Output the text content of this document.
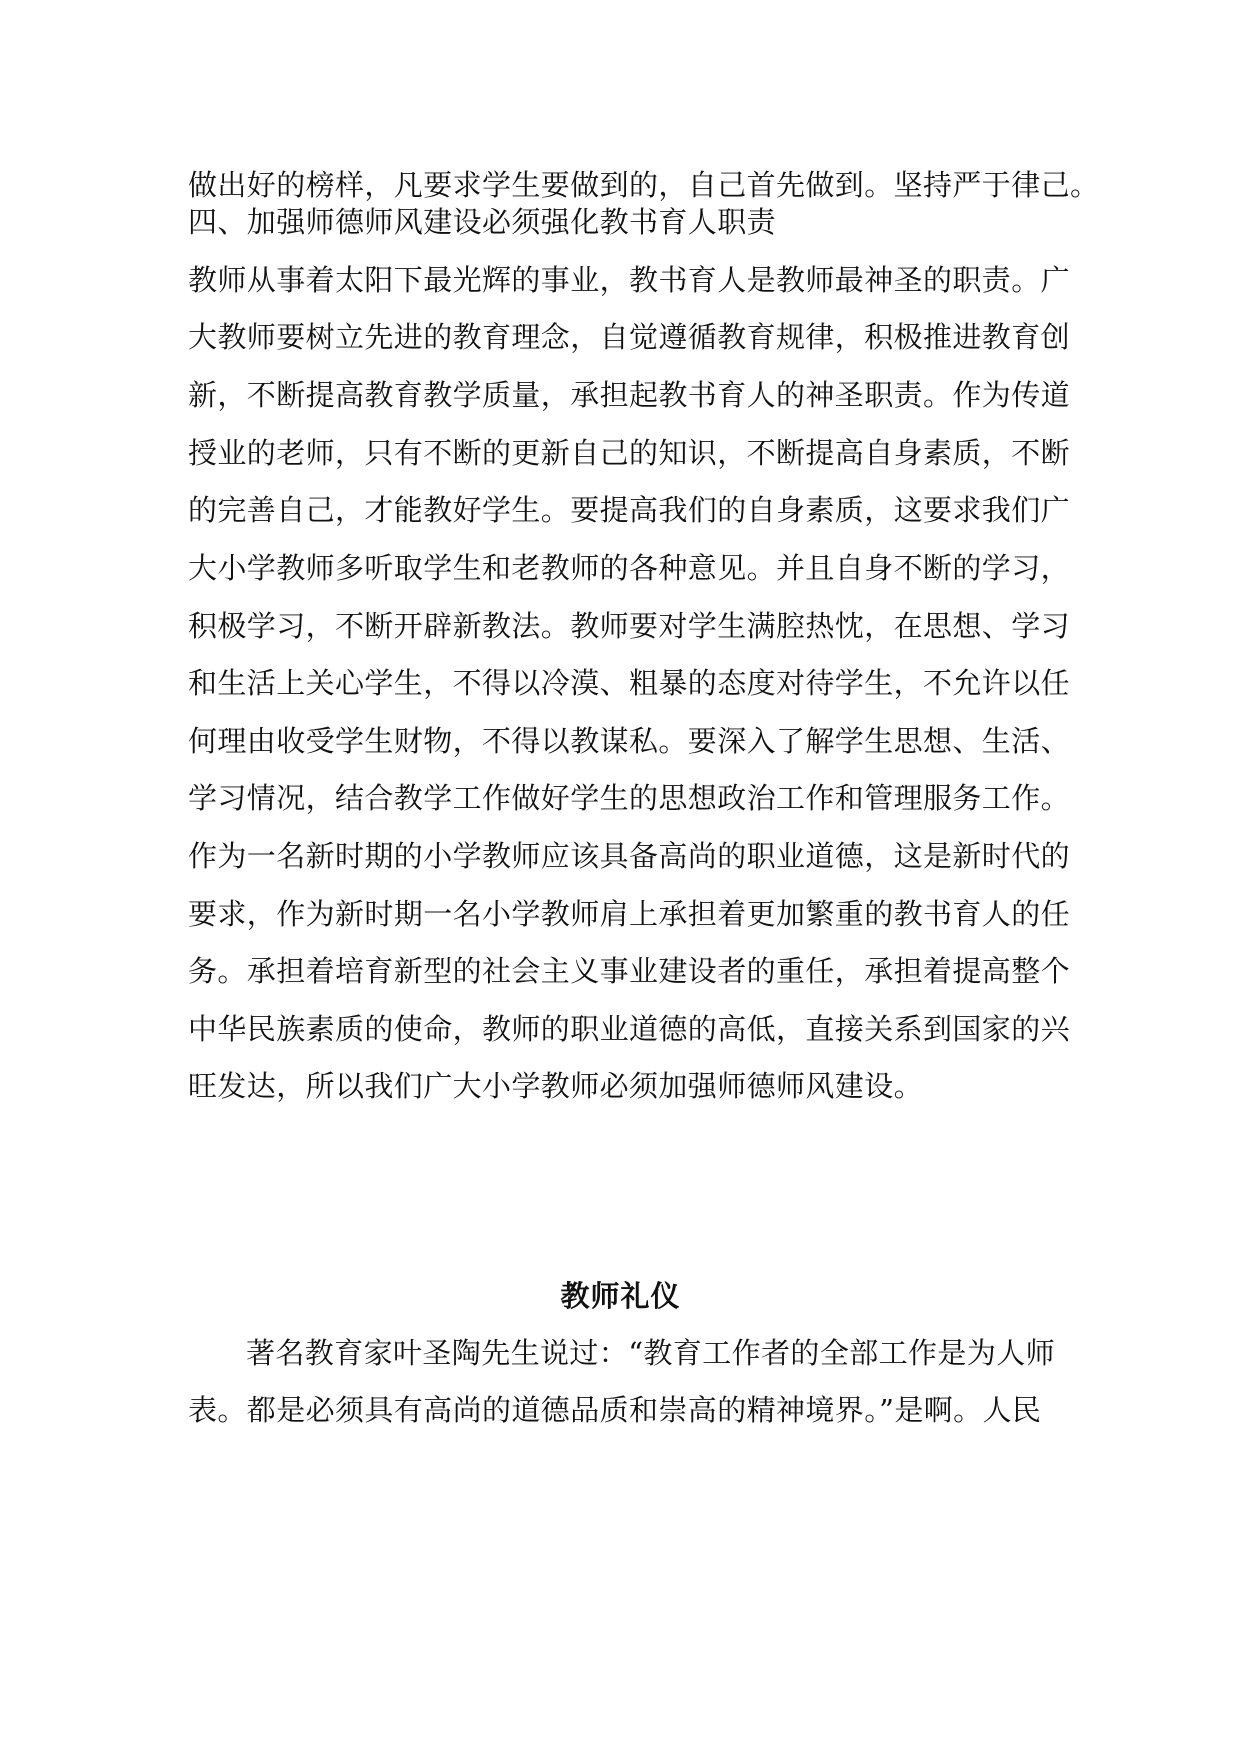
做出好的榜样，凡要求学生要做到的，自己首先做到。坚持严于律己。
四、加强师德师风建设必须强化教书育人职责
教师从事着太阳下最光辉的事业，教书育人是教师最神圣的职责。广
大教师要树立先进的教育理念，自觉遵循教育规律，积极推进教育创
新，不断提高教育教学质量，承担起教书育人的神圣职责。作为传道
授业的老师，只有不断的更新自己的知识，不断提高自身素质，不断
的完善自己，才能教好学生。要提高我们的自身素质，这要求我们广
大小学教师多听取学生和老教师的各种意见。并且自身不断的学习，
积极学习，不断开辟新教法。教师要对学生满腔热忱，在思想、学习
和生活上关心学生，不得以冷漠、粗暴的态度对待学生，不允许以任
何理由收受学生财物，不得以教谋私。要深入了解学生思想、生活、
学习情况，结合教学工作做好学生的思想政治工作和管理服务工作。
作为一名新时期的小学教师应该具备高尚的职业道德，这是新时代的
要求，作为新时期一名小学教师肩上承担着更加繁重的教书育人的任
务。承担着培育新型的社会主义事业建设者的重任，承担着提高整个
中华民族素质的使命，教师的职业道德的高低，直接关系到国家的兴
旺发达，所以我们广大小学教师必须加强师德师风建设。
教师礼仪
著名教育家叶圣陶先生说过：“教育工作者的全部工作是为人师
表。都是必须具有高尚的道德品质和崇高的精神境界。”是啊。人民
